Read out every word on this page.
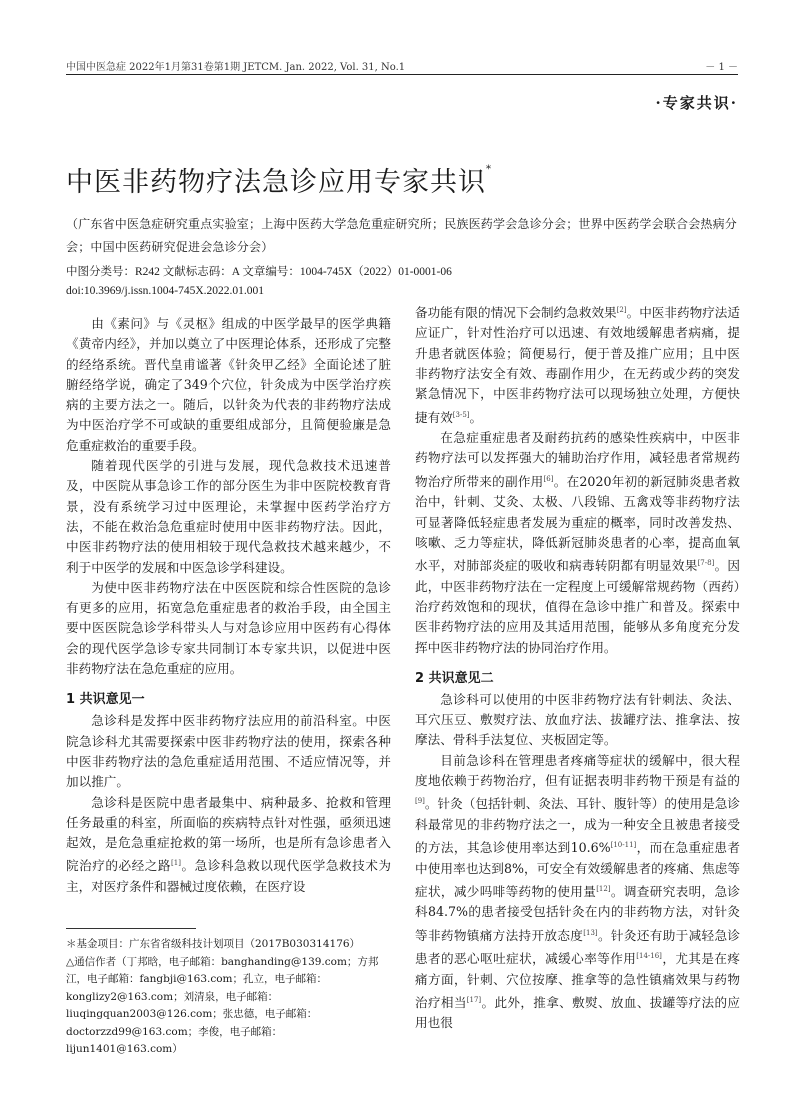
中国中医急症 2022年1月第31卷第1期 JETCM. Jan. 2022, Vol. 31, No.1	－ 1 －
·专家共识·
中医非药物疗法急诊应用专家共识*
（广东省中医急症研究重点实验室；上海中医药大学急危重症研究所；民族医药学会急诊分会；世界中医药学会联合会热病分会；中国中医药研究促进会急诊分会）
中图分类号：R242 文献标志码：A 文章编号：1004-745X（2022）01-0001-06
doi:10.3969/j.issn.1004-745X.2022.01.001

由《素问》与《灵枢》组成的中医学最早的医学典籍《黄帝内经》，并加以奠立了中医理论体系，还形成了完整的经络系统。晋代皇甫谧著《针灸甲乙经》全面论述了脏腑经络学说，确定了349个穴位，针灸成为中医学治疗疾病的主要方法之一。随后，以针灸为代表的非药物疗法成为中医治疗学不可或缺的重要组成部分，且简便验廉是急危重症救治的重要手段。

随着现代医学的引进与发展，现代急救技术迅速普及，中医院从事急诊工作的部分医生为非中医院校教育背景，没有系统学习过中医理论，未掌握中医药学治疗方法，不能在救治急危重症时使用中医非药物疗法。因此，中医非药物疗法的使用相较于现代急救技术越来越少，不利于中医学的发展和中医急诊学科建设。

为使中医非药物疗法在中医医院和综合性医院的急诊有更多的应用，拓宽急危重症患者的救治手段，由全国主要中医医院急诊学科带头人与对急诊应用中医药有心得体会的现代医学急诊专家共同制订本专家共识，以促进中医非药物疗法在急危重症的应用。

1 共识意见一

急诊科是发挥中医非药物疗法应用的前沿科室。中医院急诊科尤其需要探索中医非药物疗法的使用，探索各种中医非药物疗法的急危重症适用范围、不适应情况等，并加以推广。

急诊科是医院中患者最集中、病种最多、抢救和管理任务最重的科室，所面临的疾病特点针对性强，亟须迅速起效，是危急重症抢救的第一场所，也是所有急诊患者入院治疗的必经之路[1]。急诊科急救以现代医学急救技术为主，对医疗条件和器械过度依赖，在医疗设

备功能有限的情况下会制约急救效果[2]。中医非药物疗法适应证广，针对性治疗可以迅速、有效地缓解患者病痛，提升患者就医体验；简便易行，便于普及推广应用；且中医非药物疗法安全有效、毒副作用少，在无药或少药的突发紧急情况下，中医非药物疗法可以现场独立处理，方便快捷有效[3-5]。

在急症重症患者及耐药抗药的感染性疾病中，中医非药物疗法可以发挥强大的辅助治疗作用，减轻患者常规药物治疗所带来的副作用[6]。在2020年初的新冠肺炎患者救治中，针刺、艾灸、太极、八段锦、五禽戏等非药物疗法可显著降低轻症患者发展为重症的概率，同时改善发热、咳嗽、乏力等症状，降低新冠肺炎患者的心率，提高血氧水平，对肺部炎症的吸收和病毒转阴都有明显效果[7-8]。因此，中医非药物疗法在一定程度上可缓解常规药物（西药）治疗药效饱和的现状，值得在急诊中推广和普及。探索中医非药物疗法的应用及其适用范围，能够从多角度充分发挥中医非药物疗法的协同治疗作用。

2 共识意见二

急诊科可以使用的中医非药物疗法有针刺法、灸法、耳穴压豆、敷熨疗法、放血疗法、拔罐疗法、推拿法、按摩法、骨科手法复位、夹板固定等。

目前急诊科在管理患者疼痛等症状的缓解中，很大程度地依赖于药物治疗，但有证据表明非药物干预是有益的[9]。针灸（包括针刺、灸法、耳针、腹针等）的使用是急诊科最常见的非药物疗法之一，成为一种安全且被患者接受的方法，其急诊使用率达到10.6%[10-11]，而在急重症患者中使用率也达到8%，可安全有效缓解患者的疼痛、焦虑等症状，减少吗啡等药物的使用量[12]。调查研究表明，急诊科84.7%的患者接受包括针灸在内的非药物方法，对针灸等非药物镇痛方法持开放态度[13]。针灸还有助于减轻急诊患者的恶心呕吐症状，减缓心率等作用[14-16]，尤其是在疼痛方面，针刺、穴位按摩、推拿等的急性镇痛效果与药物治疗相当[17]。此外，推拿、敷熨、放血、拔罐等疗法的应用也很

＊基金项目：广东省省级科技计划项目（2017B030314176）

△通信作者（丁邦晗，电子邮箱：banghanding@139.com；方邦江，电子邮箱：fangbji@163.com；孔立，电子邮箱：konglizy2@163.com；刘清泉，电子邮箱：liuqingquan2003@126.com；张忠德，电子邮箱：doctorzzd99@163.com；李俊，电子邮箱：lijun1401@163.com）
